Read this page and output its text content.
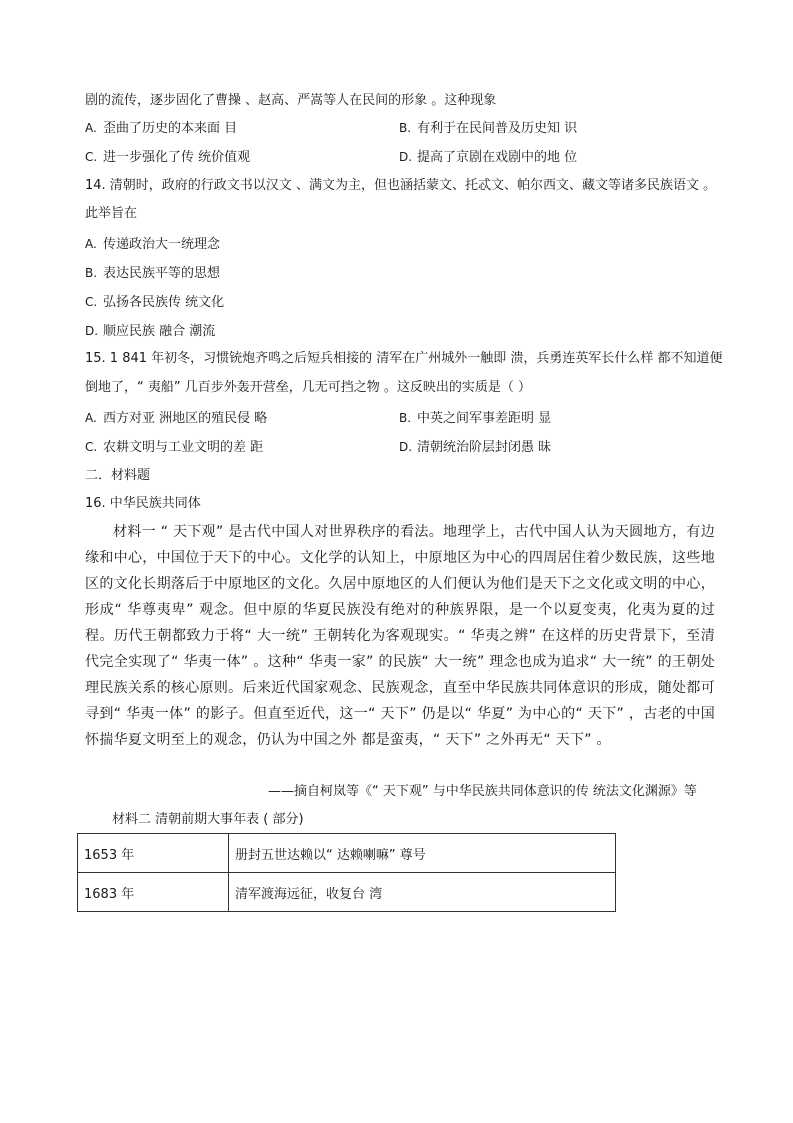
剧的流传，逐步固化了曹操 、赵高、严嵩等人在民间的形象 。这种现象
A. 歪曲了历史的本来面 目	B. 有利于在民间普及历史知 识
C. 进一步强化了传 统价值观	D. 提高了京剧在戏剧中的地 位
14. 清朝时，政府的行政文书以汉文 、满文为主，但也涵括蒙文、托忒文、帕尔西文、藏文等诸多民族语文 。
此举旨在
A. 传递政治大一统理念
B. 表达民族平等的思想
C. 弘扬各民族传 统文化
D. 顺应民族 融合 潮流
15. 1 841 年初冬，习惯铳炮齐鸣之后短兵相接的 清军在广州城外一触即 溃，兵勇连英军长什么样 都不知道便
倒地了，“ 夷船” 几百步外轰开营垒，几无可挡之物 。这反映出的实质是（ ）
A. 西方对亚 洲地区的殖民侵 略	B. 中英之间军事差距明 显
C. 农耕文明与工业文明的差 距	D. 清朝统治阶层封闭愚 昧
二．材料题
16. 中华民族共同体
材料一 “ 天下观” 是古代中国人对世界秩序的看法。地理学上，古代中国人认为天圆地方，有边缘和中心，中国位于天下的中心。文化学的认知上，中原地区为中心的四周居住着少数民族，这些地区的文化长期落后于中原地区的文化。久居中原地区的人们便认为他们是天下之文化或文明的中心，形成“ 华尊夷卑” 观念。但中原的华夏民族没有绝对的种族界限，是一个以夏变夷，化夷为夏的过程。历代王朝都致力于将“ 大一统” 王朝转化为客观现实。“ 华夷之辨” 在这样的历史背景下，至清代完全实现了“ 华夷一体” 。这种“ 华夷一家” 的民族“ 大一统” 理念也成为追求“ 大一统” 的王朝处理民族关系的核心原则。后来近代国家观念、民族观念，直至中华民族共同体意识的形成，随处都可寻到“ 华夷一体” 的影子。但直至近代，这一“ 天下” 仍是以“ 华夏” 为中心的“ 天下” ，古老的中国怀揣华夏文明至上的观念，仍认为中国之外 都是蛮夷，“ 天下” 之外再无“ 天下” 。
——摘自柯岚等《“ 天下观” 与中华民族共同体意识的传 统法文化渊源》等
材料二 清朝前期大事年表 ( 部分)
1653 年	册封五世达赖以“ 达赖喇嘛” 尊号
1683 年	清军渡海远征，收复台 湾
